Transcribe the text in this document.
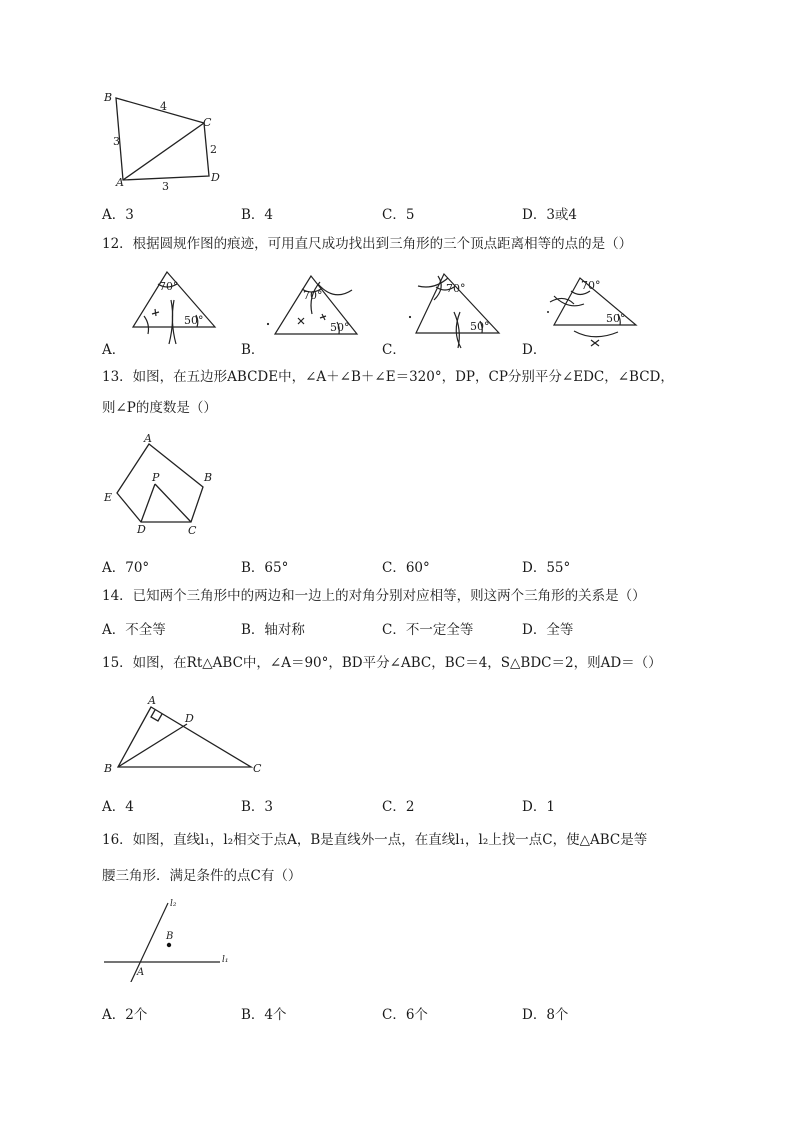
B
C
A	D
4
3
2
3
A．3	B．4	C．5	D．3或4
12．根据圆规作图的痕迹，可用直尺成功找出到三角形的三个顶点距离相等的点的是（）
70°
50°
70°
50°
70°
50°
70°
50°
A．	B．	C．	D．
13．如图，在五边形ABCDE中，∠A＋∠B＋∠E＝320°，DP，CP分别平分∠EDC，∠BCD，
则∠P的度数是（）
A
B
C
D
E
P
A．70°	B．65°	C．60°	D．55°
14．已知两个三角形中的两边和一边上的对角分别对应相等，则这两个三角形的关系是（）
A．不全等	B．轴对称	C．不一定全等	D．全等
15．如图，在Rt△ABC中，∠A＝90°，BD平分∠ABC，BC＝4，S△BDC＝2，则AD＝（）
A
D
B	C
A．4	B．3	C．2	D．1
16．如图，直线l₁，l₂相交于点A，B是直线外一点，在直线l₁，l₂上找一点C，使△ABC是等
腰三角形．满足条件的点C有（）
l₂
l₁
B
A
A．2个	B．4个	C．6个	D．8个
